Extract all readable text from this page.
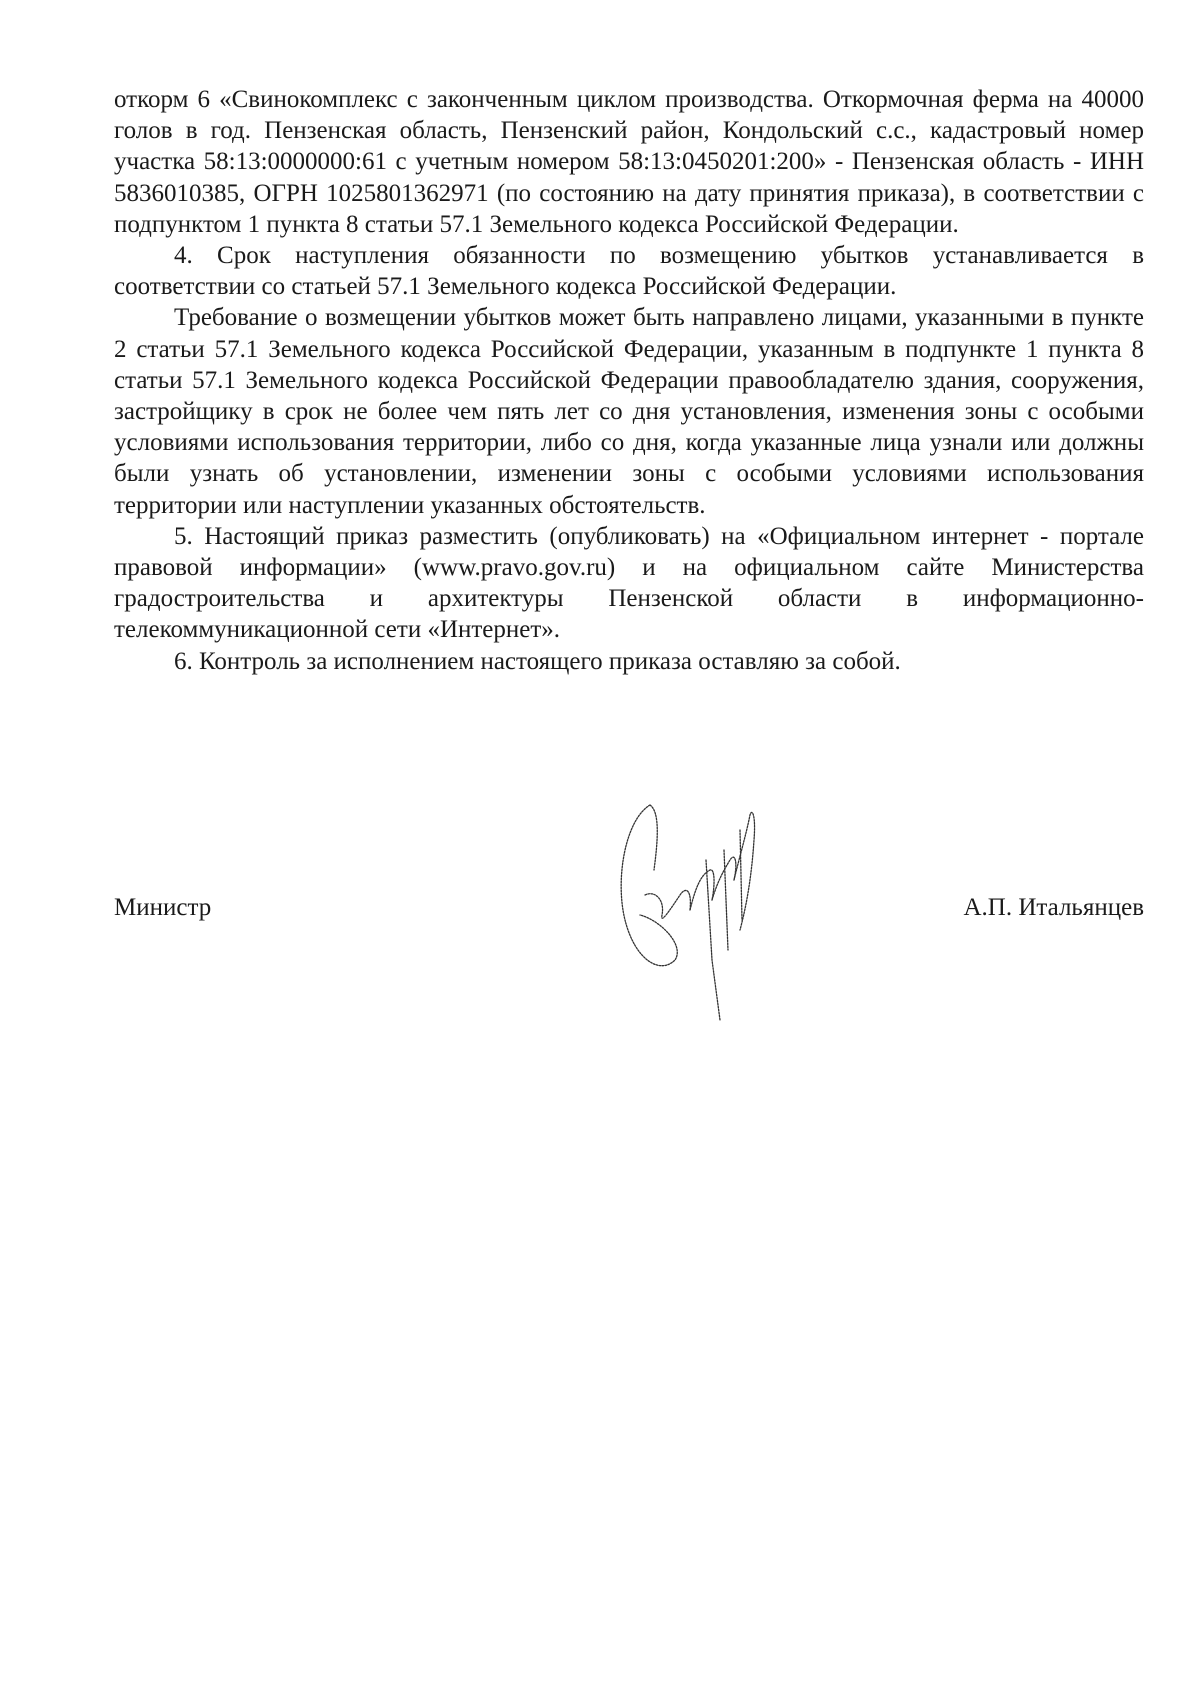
откорм 6 «Свинокомплекс с законченным циклом производства. Откормочная ферма на 40000 голов в год. Пензенская область, Пензенский район, Кондольский с.с., кадастровый номер участка 58:13:0000000:61 с учетным номером 58:13:0450201:200» - Пензенская область - ИНН 5836010385, ОГРН 1025801362971 (по состоянию на дату принятия приказа), в соответствии с подпунктом 1 пункта 8 статьи 57.1 Земельного кодекса Российской Федерации.

4. Срок наступления обязанности по возмещению убытков устанавливается в соответствии со статьей 57.1 Земельного кодекса Российской Федерации.

Требование о возмещении убытков может быть направлено лицами, указанными в пункте 2 статьи 57.1 Земельного кодекса Российской Федерации, указанным в подпункте 1 пункта 8 статьи 57.1 Земельного кодекса Российской Федерации правообладателю здания, сооружения, застройщику в срок не более чем пять лет со дня установления, изменения зоны с особыми условиями использования территории, либо со дня, когда указанные лица узнали или должны были узнать об установлении, изменении зоны с особыми условиями использования территории или наступлении указанных обстоятельств.

5. Настоящий приказ разместить (опубликовать) на «Официальном интернет - портале правовой информации» (www.pravo.gov.ru) и на официальном сайте Министерства градостроительства и архитектуры Пензенской области в информационно-телекоммуникационной сети «Интернет».

6. Контроль за исполнением настоящего приказа оставляю за собой.

Министр	А.П. Итальянцев
